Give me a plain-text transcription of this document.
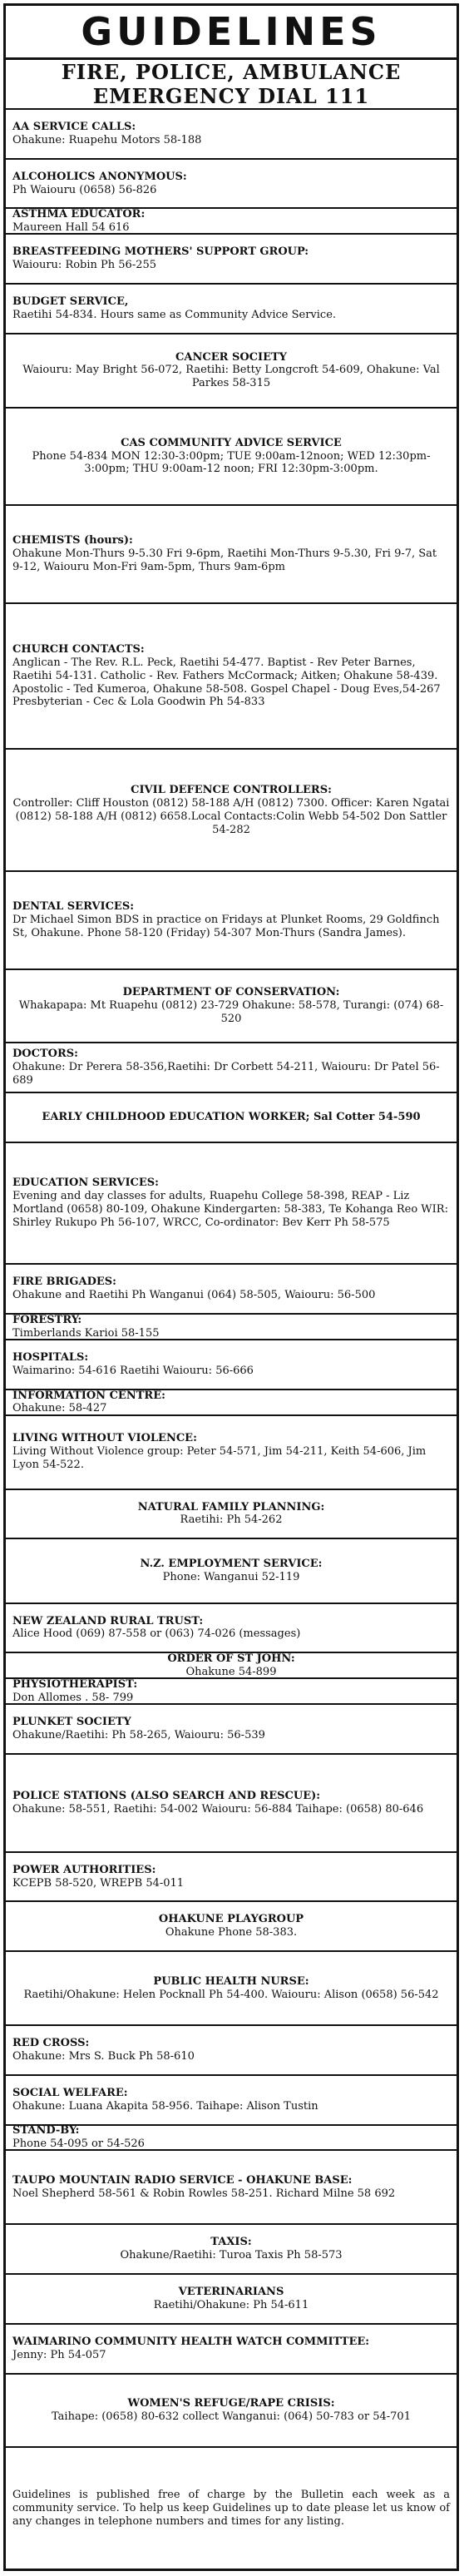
GUIDELINES
FIRE, POLICE, AMBULANCE EMERGENCY DIAL 111
AA SERVICE CALLS:
Ohakune: Ruapehu Motors 58-188
ALCOHOLICS ANONYMOUS:
Ph Waiouru (0658) 56-826
ASTHMA EDUCATOR:
Maureen Hall 54 616
BREASTFEEDING MOTHERS' SUPPORT GROUP:
Waiouru: Robin Ph 56-255
BUDGET SERVICE,
Raetihi 54-834. Hours same as Community Advice Service.
CANCER SOCIETY
Waiouru: May Bright 56-072, Raetihi: Betty Longcroft 54-609, Ohakune: Val Parkes 58-315
CAS COMMUNITY ADVICE SERVICE
Phone 54-834 MON 12:30-3:00pm; TUE 9:00am-12noon; WED 12:30pm-3:00pm; THU 9:00am-12 noon; FRI 12:30pm-3:00pm.
CHEMISTS (hours):
Ohakune Mon-Thurs 9-5.30 Fri 9-6pm, Raetihi Mon-Thurs 9-5.30, Fri 9-7, Sat 9-12, Waiouru Mon-Fri 9am-5pm, Thurs 9am-6pm
CHURCH CONTACTS:
Anglican - The Rev. R.L. Peck, Raetihi 54-477. Baptist - Rev Peter Barnes, Raetihi 54-131. Catholic - Rev. Fathers McCormack; Aitken; Ohakune 58-439. Apostolic - Ted Kumeroa, Ohakune 58-508. Gospel Chapel - Doug Eves,54-267 Presbyterian - Cec & Lola Goodwin Ph 54-833
CIVIL DEFENCE CONTROLLERS:
Controller: Cliff Houston (0812) 58-188 A/H (0812) 7300. Officer: Karen Ngatai (0812) 58-188 A/H (0812) 6658.Local Contacts:Colin Webb 54-502 Don Sattler 54-282
DENTAL SERVICES:
Dr Michael Simon BDS in practice on Fridays at Plunket Rooms, 29 Goldfinch St, Ohakune. Phone 58-120 (Friday) 54-307 Mon-Thurs (Sandra James).
DEPARTMENT OF CONSERVATION:
Whakapapa: Mt Ruapehu (0812) 23-729 Ohakune: 58-578, Turangi: (074) 68-520
DOCTORS:
Ohakune: Dr Perera 58-356,Raetihi: Dr Corbett 54-211, Waiouru: Dr Patel 56-689
EARLY CHILDHOOD EDUCATION WORKER; Sal Cotter 54-590
EDUCATION SERVICES:
Evening and day classes for adults, Ruapehu College 58-398, REAP - Liz Mortland (0658) 80-109, Ohakune Kindergarten: 58-383, Te Kohanga Reo WIR: Shirley Rukupo Ph 56-107, WRCC, Co-ordinator: Bev Kerr Ph 58-575
FIRE BRIGADES:
Ohakune and Raetihi Ph Wanganui (064) 58-505, Waiouru: 56-500
FORESTRY:
Timberlands Karioi 58-155
HOSPITALS:
Waimarino: 54-616 Raetihi Waiouru: 56-666
INFORMATION CENTRE:
Ohakune: 58-427
LIVING WITHOUT VIOLENCE:
Living Without Violence group: Peter 54-571, Jim 54-211, Keith 54-606, Jim Lyon 54-522.
NATURAL FAMILY PLANNING:
Raetihi: Ph 54-262
N.Z. EMPLOYMENT SERVICE:
Phone: Wanganui 52-119
NEW ZEALAND RURAL TRUST:
Alice Hood (069) 87-558 or (063) 74-026 (messages)
ORDER OF ST JOHN:
Ohakune 54-899
PHYSIOTHERAPIST:
Don Allomes . 58- 799
PLUNKET SOCIETY
Ohakune/Raetihi: Ph 58-265, Waiouru: 56-539
POLICE STATIONS (ALSO SEARCH AND RESCUE):
Ohakune: 58-551, Raetihi: 54-002 Waiouru: 56-884 Taihape: (0658) 80-646
POWER AUTHORITIES:
KCEPB 58-520, WREPB 54-011
OHAKUNE PLAYGROUP
Ohakune Phone 58-383.
PUBLIC HEALTH NURSE:
Raetihi/Ohakune: Helen Pocknall Ph 54-400. Waiouru: Alison (0658) 56-542
RED CROSS:
Ohakune: Mrs S. Buck Ph 58-610
SOCIAL WELFARE:
Ohakune: Luana Akapita 58-956. Taihape: Alison Tustin
STAND-BY:
Phone 54-095 or 54-526
TAUPO MOUNTAIN RADIO SERVICE - OHAKUNE BASE:
Noel Shepherd 58-561 & Robin Rowles 58-251. Richard Milne 58 692
TAXIS:
Ohakune/Raetihi: Turoa Taxis Ph 58-573
VETERINARIANS
Raetihi/Ohakune: Ph 54-611
WAIMARINO COMMUNITY HEALTH WATCH COMMITTEE:
Jenny: Ph 54-057
WOMEN'S REFUGE/RAPE CRISIS:
Taihape: (0658) 80-632 collect Wanganui: (064) 50-783 or 54-701
Guidelines is published free of charge by the Bulletin each week as a community service. To help us keep Guidelines up to date please let us know of any changes in telephone numbers and times for any listing.
